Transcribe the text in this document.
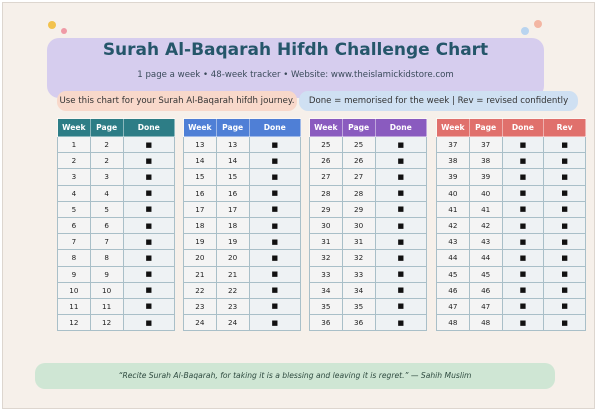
Surah Al-Baqarah Hifdh Challenge Chart
1 page a week • 48-week tracker • Website: www.theislamickidstore.com
Use this chart for your Surah Al-Baqarah hifdh journey.	Done = memorised for the week | Rev = revised confidently
Week	Page	Done
1	2	■
2	2	■
3	3	■
4	4	■
5	5	■
6	6	■
7	7	■
8	8	■
9	9	■
10	10	■
11	11	■
12	12	■
Week	Page	Done
13	13	■
14	14	■
15	15	■
16	16	■
17	17	■
18	18	■
19	19	■
20	20	■
21	21	■
22	22	■
23	23	■
24	24	■
Week	Page	Done
25	25	■
26	26	■
27	27	■
28	28	■
29	29	■
30	30	■
31	31	■
32	32	■
33	33	■
34	34	■
35	35	■
36	36	■
Week	Page	Done	Rev
37	37	■	■
38	38	■	■
39	39	■	■
40	40	■	■
41	41	■	■
42	42	■	■
43	43	■	■
44	44	■	■
45	45	■	■
46	46	■	■
47	47	■	■
48	48	■	■
“Recite Surah Al-Baqarah, for taking it is a blessing and leaving it is regret.” — Sahih Muslim
